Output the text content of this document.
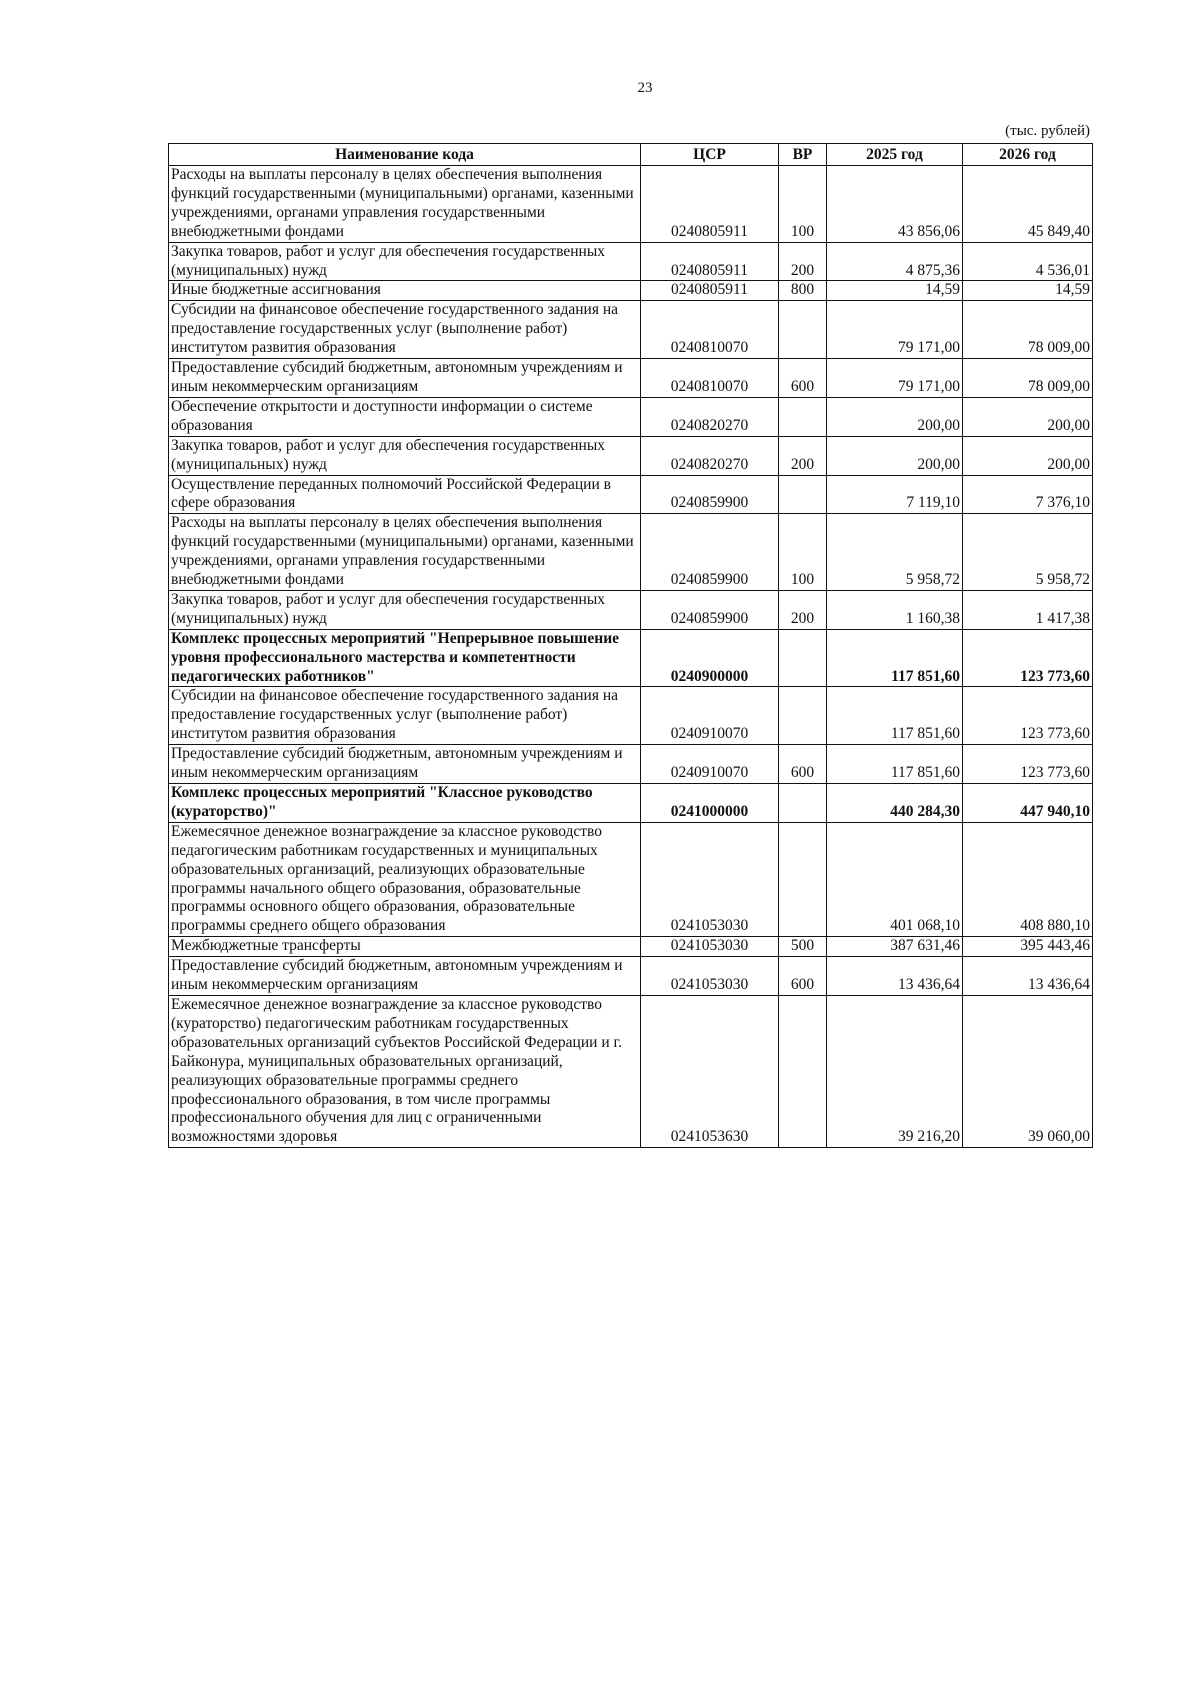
23
(тыс. рублей)
Наименование кода	ЦСР	ВР	2025 год	2026 год
Расходы на выплаты персоналу в целях обеспечения выполнения функций государственными (муниципальными) органами, казенными учреждениями, органами управления государственными внебюджетными фондами	0240805911	100	43 856,06	45 849,40
Закупка товаров, работ и услуг для обеспечения государственных (муниципальных) нужд	0240805911	200	4 875,36	4 536,01
Иные бюджетные ассигнования	0240805911	800	14,59	14,59
Субсидии на финансовое обеспечение государственного задания на предоставление государственных услуг (выполнение работ) институтом развития образования	0240810070		79 171,00	78 009,00
Предоставление субсидий бюджетным, автономным учреждениям и иным некоммерческим организациям	0240810070	600	79 171,00	78 009,00
Обеспечение открытости и доступности информации о системе образования	0240820270		200,00	200,00
Закупка товаров, работ и услуг для обеспечения государственных (муниципальных) нужд	0240820270	200	200,00	200,00
Осуществление переданных полномочий Российской Федерации в сфере образования	0240859900		7 119,10	7 376,10
Расходы на выплаты персоналу в целях обеспечения выполнения функций государственными (муниципальными) органами, казенными учреждениями, органами управления государственными внебюджетными фондами	0240859900	100	5 958,72	5 958,72
Закупка товаров, работ и услуг для обеспечения государственных (муниципальных) нужд	0240859900	200	1 160,38	1 417,38
Комплекс процессных мероприятий "Непрерывное повышение уровня профессионального мастерства и компетентности педагогических работников"	0240900000		117 851,60	123 773,60
Субсидии на финансовое обеспечение государственного задания на предоставление государственных услуг (выполнение работ) институтом развития образования	0240910070		117 851,60	123 773,60
Предоставление субсидий бюджетным, автономным учреждениям и иным некоммерческим организациям	0240910070	600	117 851,60	123 773,60
Комплекс процессных мероприятий "Классное руководство (кураторство)"	0241000000		440 284,30	447 940,10
Ежемесячное денежное вознаграждение за классное руководство педагогическим работникам государственных и муниципальных образовательных организаций, реализующих образовательные программы начального общего образования, образовательные программы основного общего образования, образовательные программы среднего общего образования	0241053030		401 068,10	408 880,10
Межбюджетные трансферты	0241053030	500	387 631,46	395 443,46
Предоставление субсидий бюджетным, автономным учреждениям и иным некоммерческим организациям	0241053030	600	13 436,64	13 436,64
Ежемесячное денежное вознаграждение за классное руководство (кураторство) педагогическим работникам государственных образовательных организаций субъектов Российской Федерации и г. Байконура, муниципальных образовательных организаций, реализующих образовательные программы среднего профессионального образования, в том числе программы профессионального обучения для лиц с ограниченными возможностями здоровья	0241053630		39 216,20	39 060,00
